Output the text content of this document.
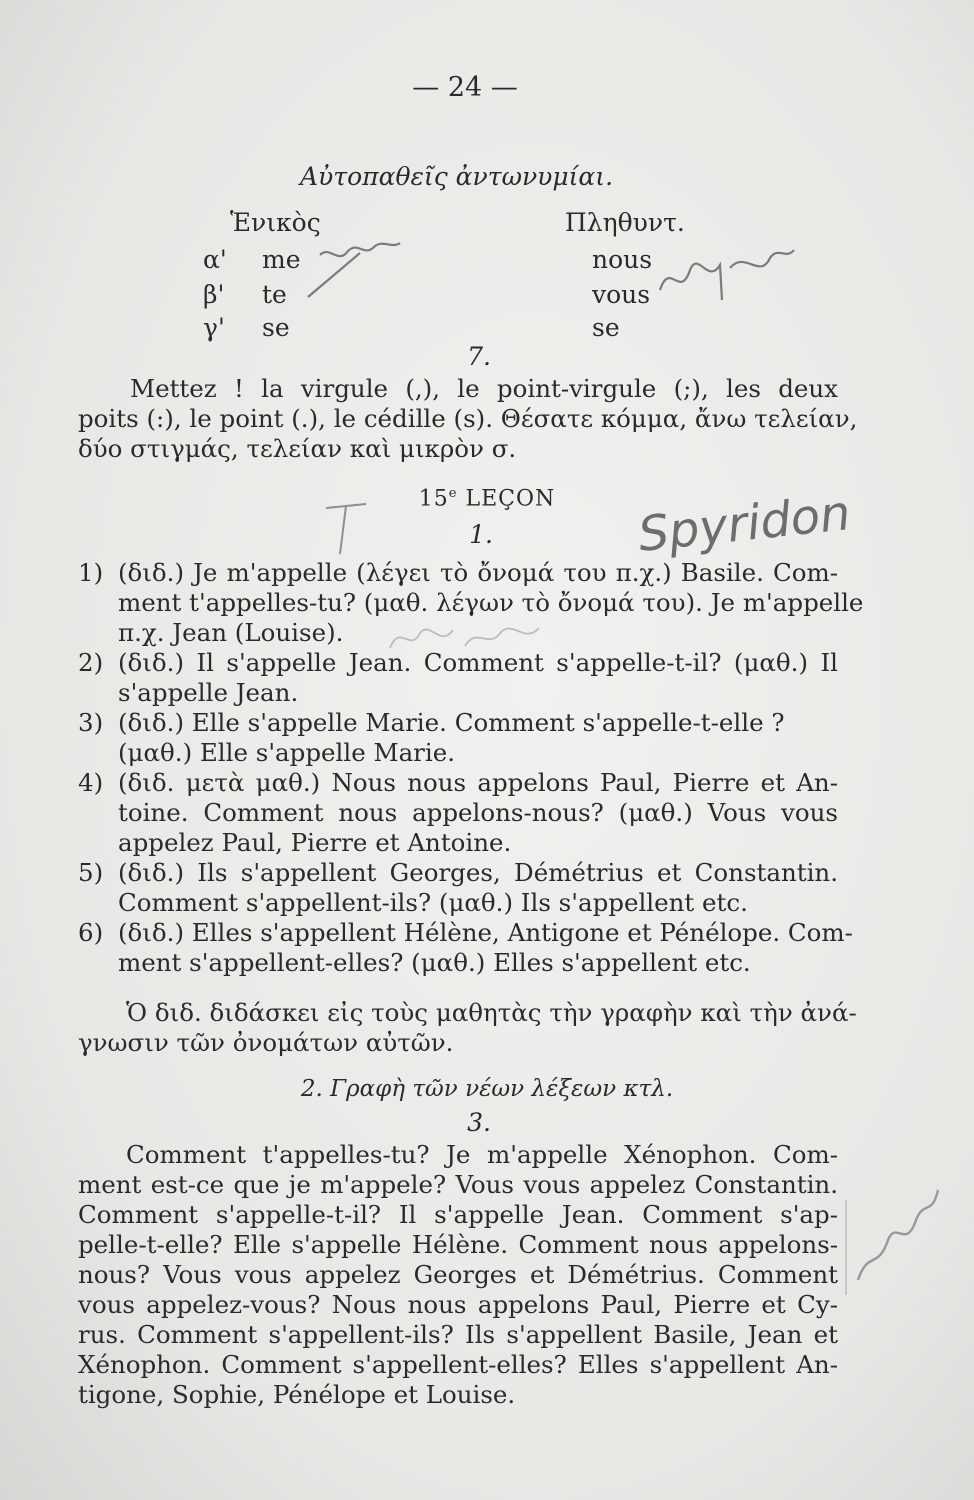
— 24 —
Αὐτοπαθεῖς ἀντωνυμίαι.
Ἑνικὸς	Πληθυντ.
α' me	nous
β' te	vous
γ' se	se
7.
Mettez ! la virgule (,), le point-virgule (;), les deux
poits (:), le point (.), le cédille (s). Θέσατε κόμμα, ἄνω τελείαν,
δύο στιγμάς, τελείαν καὶ μικρὸν σ.
15e LEÇON
1.
1) (διδ.) Je m'appelle (λέγει τὸ ὄνομά του π.χ.) Basile. Com-
ment t'appelles-tu? (μαθ. λέγων τὸ ὄνομά του). Je m'appelle
π.χ. Jean (Louise).
2) (διδ.) Il s'appelle Jean. Comment s'appelle-t-il? (μαθ.) Il
s'appelle Jean.
3) (διδ.) Elle s'appelle Marie. Comment s'appelle-t-elle ?
(μαθ.) Elle s'appelle Marie.
4) (διδ. μετὰ μαθ.) Nous nous appelons Paul, Pierre et An-
toine. Comment nous appelons-nous? (μαθ.) Vous vous
appelez Paul, Pierre et Antoine.
5) (διδ.) Ils s'appellent Georges, Démétrius et Constantin.
Comment s'appellent-ils? (μαθ.) Ils s'appellent etc.
6) (διδ.) Elles s'appellent Hélène, Antigone et Pénélope. Com-
ment s'appellent-elles? (μαθ.) Elles s'appellent etc.
Ὁ διδ. διδάσκει εἰς τοὺς μαθητὰς τὴν γραφὴν καὶ τὴν ἀνά-
γνωσιν τῶν ὀνομάτων αὐτῶν.
2. Γραφὴ τῶν νέων λέξεων κτλ.
3.
Comment t'appelles-tu? Je m'appelle Xénophon. Com-
ment est-ce que je m'appele? Vous vous appelez Constantin.
Comment s'appelle-t-il? Il s'appelle Jean. Comment s'ap-
pelle-t-elle? Elle s'appelle Hélène. Comment nous appelons-
nous? Vous vous appelez Georges et Démétrius. Comment
vous appelez-vous? Nous nous appelons Paul, Pierre et Cy-
rus. Comment s'appellent-ils? Ils s'appellent Basile, Jean et
Xénophon. Comment s'appellent-elles? Elles s'appellent An-
tigone, Sophie, Pénélope et Louise.
Spyridon
